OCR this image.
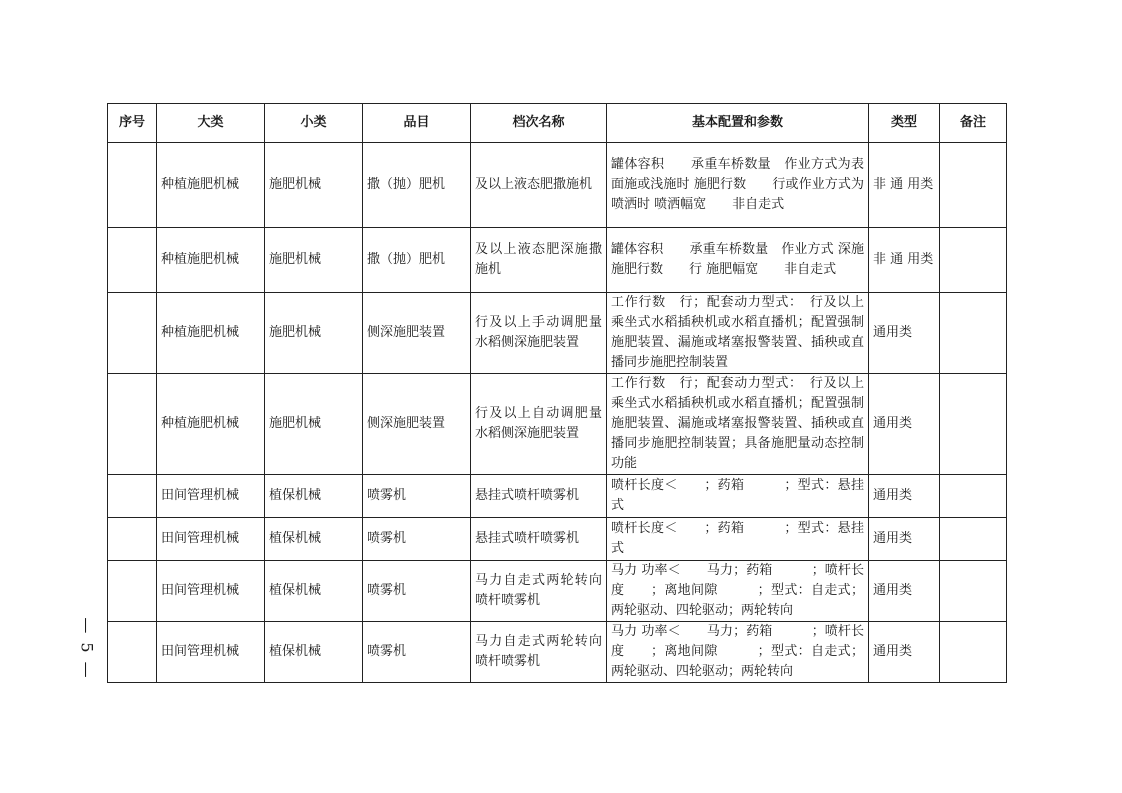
序号	大类	小类	品目	档次名称	基本配置和参数	类型	备注
	种植施肥机械	施肥机械	撒（抛）肥机	及以上液态肥撒施机	罐体容积　　承重车桥数量　作业方式为表面施或浅施时 施肥行数　　行或作业方式为喷洒时 喷洒幅宽　　非自走式	非 通 用类	
	种植施肥机械	施肥机械	撒（抛）肥机	及以上液态肥深施撒施机	罐体容积　　承重车桥数量　作业方式 深施 施肥行数　　行 施肥幅宽　　非自走式	非 通 用类	
	种植施肥机械	施肥机械	侧深施肥装置	行及以上手动调肥量水稻侧深施肥装置	工作行数　行；配套动力型式：　行及以上乘坐式水稻插秧机或水稻直播机；配置强制施肥装置、漏施或堵塞报警装置、插秧或直播同步施肥控制装置	通用类	
	种植施肥机械	施肥机械	侧深施肥装置	行及以上自动调肥量水稻侧深施肥装置	工作行数　行；配套动力型式：　行及以上乘坐式水稻插秧机或水稻直播机；配置强制施肥装置、漏施或堵塞报警装置、插秧或直播同步施肥控制装置；具备施肥量动态控制功能	通用类	
	田间管理机械	植保机械	喷雾机	悬挂式喷杆喷雾机	喷杆长度＜　　；药箱　　　；型式：悬挂式	通用类	
	田间管理机械	植保机械	喷雾机	悬挂式喷杆喷雾机	喷杆长度＜　　；药箱　　　；型式：悬挂式	通用类	
	田间管理机械	植保机械	喷雾机	马力自走式两轮转向喷杆喷雾机	马力 功率＜　　马力；药箱　　　；喷杆长度　　；离地间隙　　　；型式：自走式；两轮驱动、四轮驱动；两轮转向	通用类	
	田间管理机械	植保机械	喷雾机	马力自走式两轮转向喷杆喷雾机	马力 功率＜　　马力；药箱　　　；喷杆长度　　；离地间隙　　　；型式：自走式；两轮驱动、四轮驱动；两轮转向	通用类	
— 5 —
